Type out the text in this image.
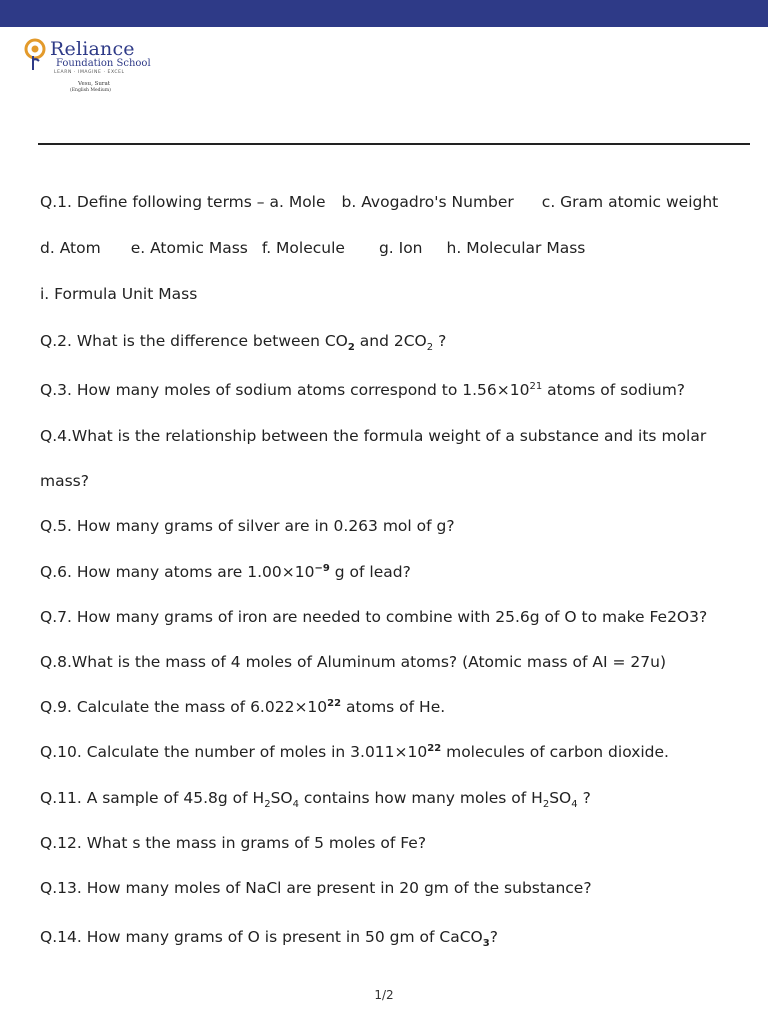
Reliance
Foundation School
LEARN · IMAGINE · EXCEL
Vesu, Surat
(English Medium)
Q.1. Define following terms – a. Mole b. Avogadro's Number c. Gram atomic weight
d. Atom e. Atomic Mass f. Molecule g. Ion h. Molecular Mass
i. Formula Unit Mass
Q.2. What is the difference between $CO_2$ and $2CO_2$ ?
Q.3. How many moles of sodium atoms correspond to $1.56\times 10^{21}$ atoms of sodium?
Q.4.What is the relationship between the formula weight of a substance and its molar
mass?
Q.5. How many grams of silver are in 0.263 mol of g?
Q.6. How many atoms are $1.00\times 10^{-9}$ g of lead?
Q.7. How many grams of iron are needed to combine with 25.6g of O to make Fe2O3?
Q.8.What is the mass of 4 moles of Aluminum atoms? (Atomic mass of AI = 27u)
Q.9. Calculate the mass of $6.022\times 10^{22}$ atoms of He.
Q.10. Calculate the number of moles in $3.011\times 10^{22}$ molecules of carbon dioxide.
Q.11. A sample of 45.8g of $H_2SO_4$ contains how many moles of $H_2SO_4$ ?
Q.12. What s the mass in grams of 5 moles of Fe?
Q.13. How many moles of NaCl are present in 20 gm of the substance?
Q.14. How many grams of O is present in 50 gm of CaCO$_3$?
1/2
